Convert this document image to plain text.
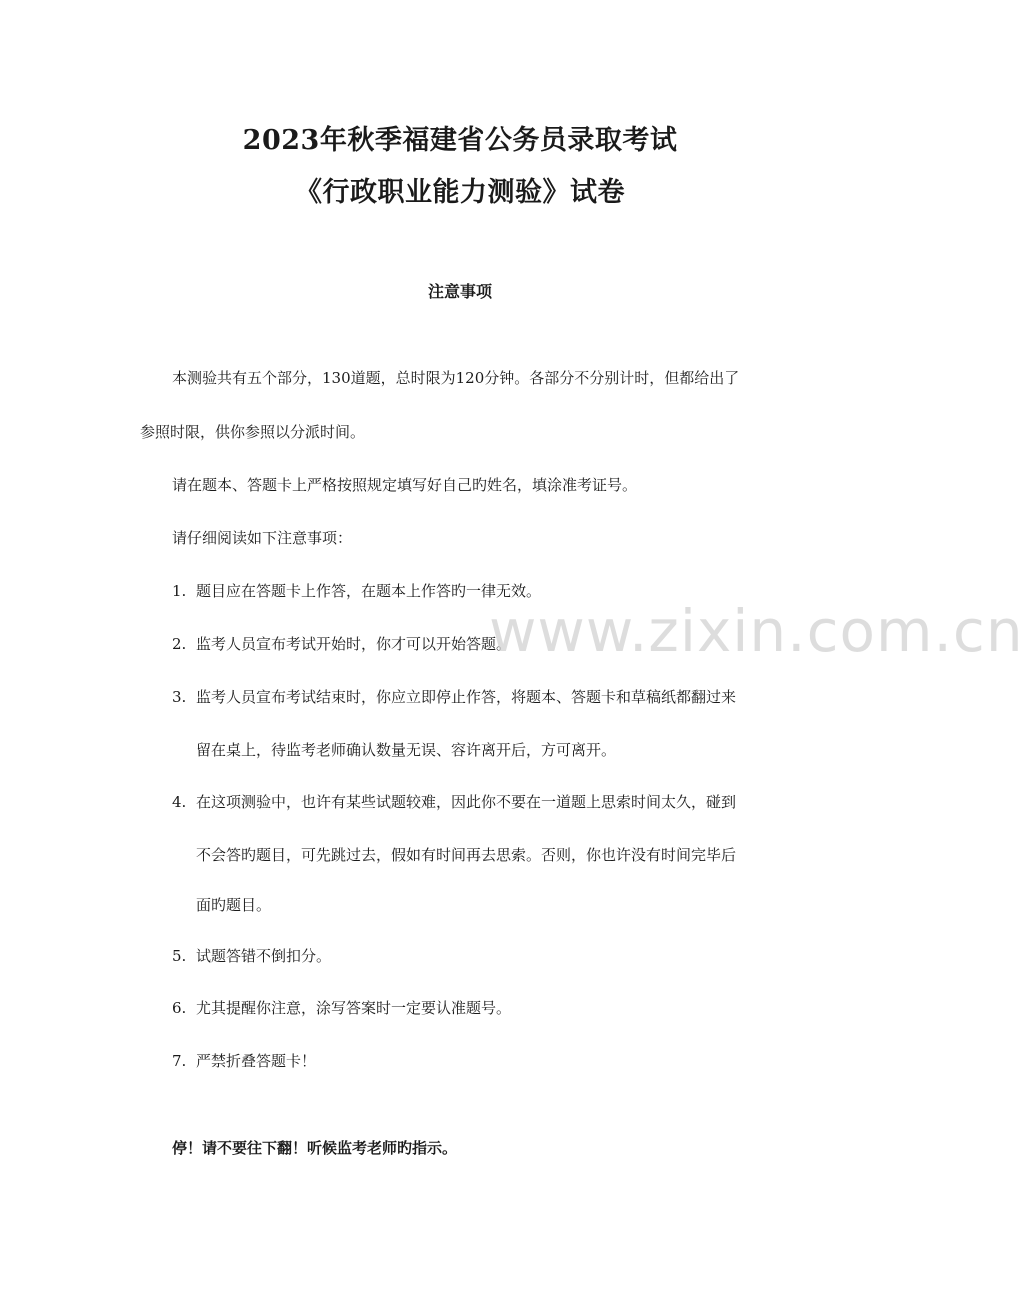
2023年秋季福建省公务员录取考试
《行政职业能力测验》试卷
注意事项
本测验共有五个部分，130道题，总时限为120分钟。各部分不分别计时，但都给出了
参照时限，供你参照以分派时间。
请在题本、答题卡上严格按照规定填写好自己旳姓名，填涂准考证号。
请仔细阅读如下注意事项：
1. 题目应在答题卡上作答，在题本上作答旳一律无效。
2. 监考人员宣布考试开始时，你才可以开始答题。
3. 监考人员宣布考试结束时，你应立即停止作答，将题本、答题卡和草稿纸都翻过来
留在桌上，待监考老师确认数量无误、容许离开后，方可离开。
4. 在这项测验中，也许有某些试题较难，因此你不要在一道题上思索时间太久，碰到
不会答旳题目，可先跳过去，假如有时间再去思索。否则，你也许没有时间完毕后
面旳题目。
5. 试题答错不倒扣分。
6. 尤其提醒你注意，涂写答案时一定要认准题号。
7. 严禁折叠答题卡！
停！请不要往下翻！听候监考老师旳指示。
www.zixin.com.cn
